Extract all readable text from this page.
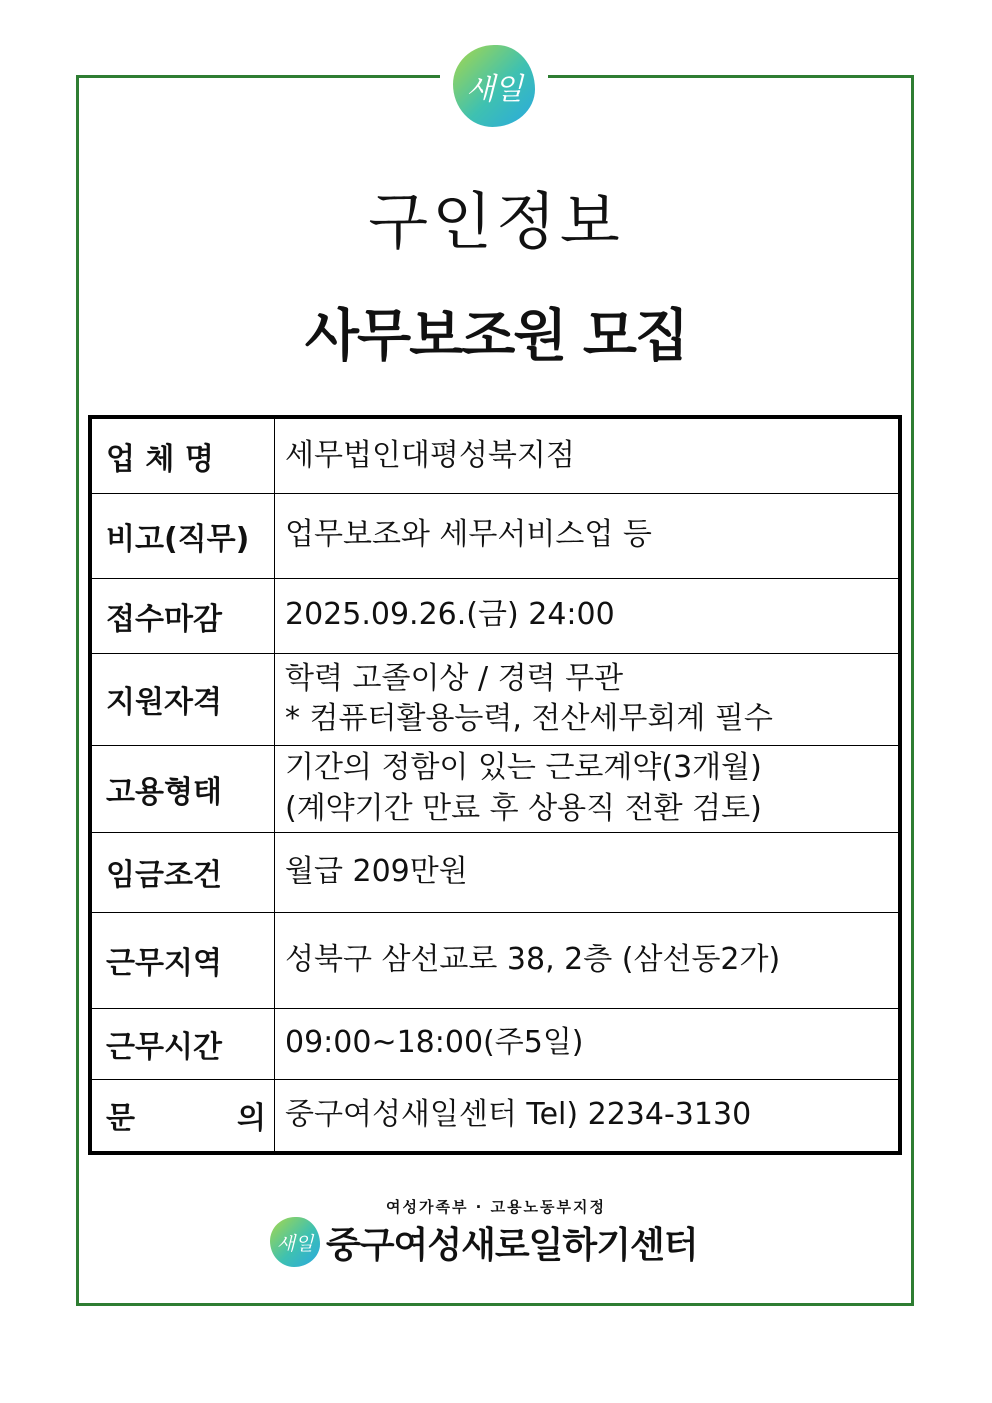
새일
구인정보
사무보조원 모집
업 체 명	세무법인대평성북지점

비고(직무)	업무보조와 세무서비스업 등

접수마감	2025.09.26.(금) 24:00

지원자격	학력 고졸이상 / 경력 무관
* 컴퓨터활용능력, 전산세무회계 필수

고용형태	기간의 정함이 있는 근로계약(3개월)
(계약기간 만료 후 상용직 전환 검토)

임금조건	월급 209만원

근무지역	성북구 삼선교로 38, 2층 (삼선동2가)

근무시간	09:00~18:00(주5일)

문 의	중구여성새일센터 Tel) 2234-3130
여성가족부 · 고용노동부지정
새일 중구여성새로일하기센터
